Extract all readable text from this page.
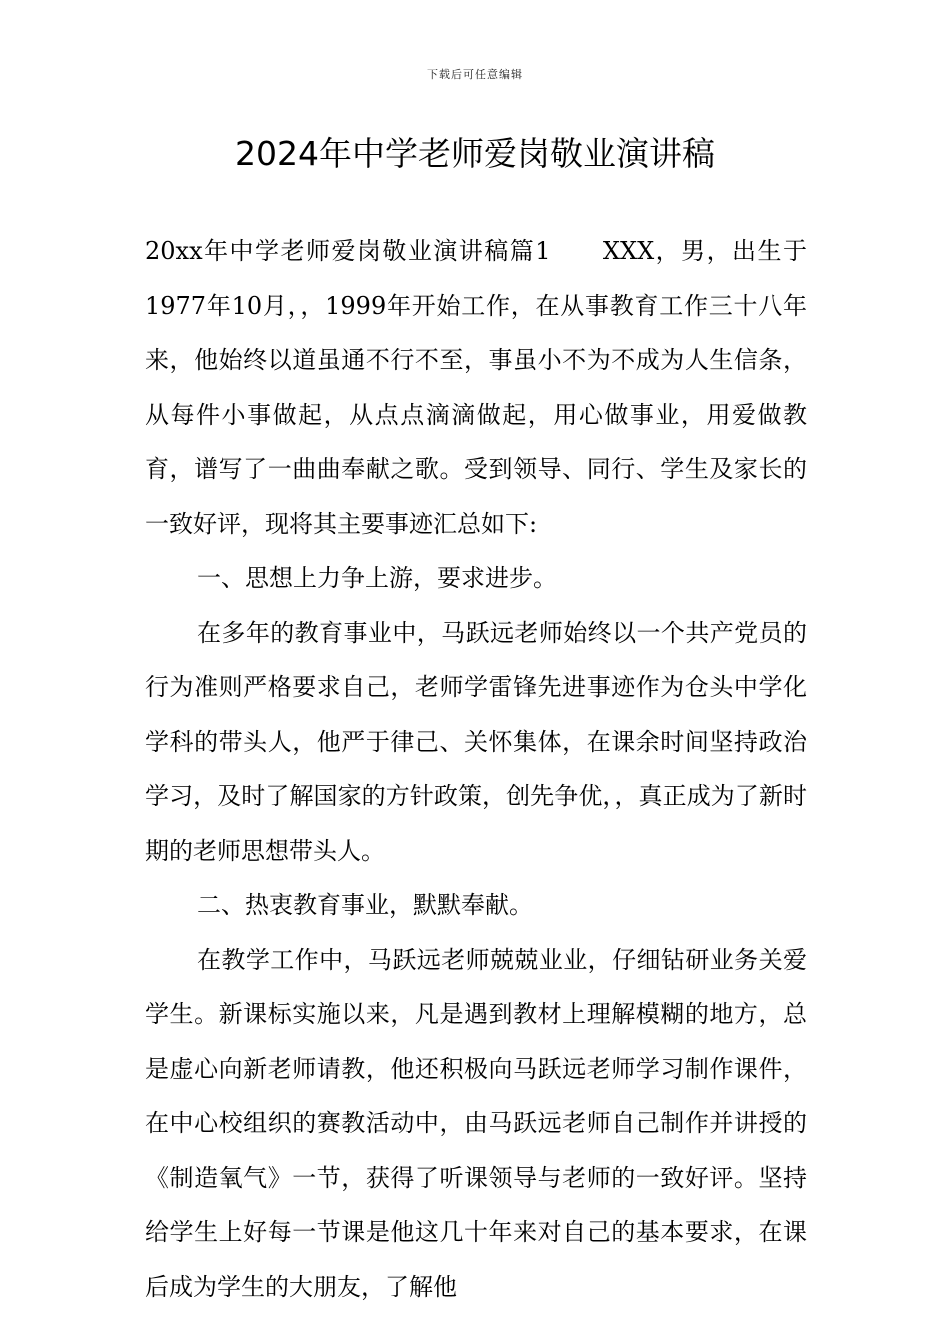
下载后可任意编辑
2024年中学老师爱岗敬业演讲稿

20xx年中学老师爱岗敬业演讲稿篇1　　XXX，男，出生于1977年10月，，1999年开始工作，在从事教育工作三十八年来，他始终以道虽通不行不至，事虽小不为不成为人生信条，从每件小事做起，从点点滴滴做起，用心做事业，用爱做教育，谱写了一曲曲奉献之歌。受到领导、同行、学生及家长的一致好评，现将其主要事迹汇总如下:

一、思想上力争上游，要求进步。

在多年的教育事业中，马跃远老师始终以一个共产党员的行为准则严格要求自己，老师学雷锋先进事迹作为仓头中学化学科的带头人，他严于律己、关怀集体，在课余时间坚持政治学习，及时了解国家的方针政策，创先争优，，真正成为了新时期的老师思想带头人。

二、热衷教育事业，默默奉献。

在教学工作中，马跃远老师兢兢业业，仔细钻研业务关爱学生。新课标实施以来，凡是遇到教材上理解模糊的地方，总是虚心向新老师请教，他还积极向马跃远老师学习制作课件，在中心校组织的赛教活动中，由马跃远老师自己制作并讲授的《制造氧气》一节，获得了听课领导与老师的一致好评。坚持给学生上好每一节课是他这几十年来对自己的基本要求，在课后成为学生的大朋友，了解他
